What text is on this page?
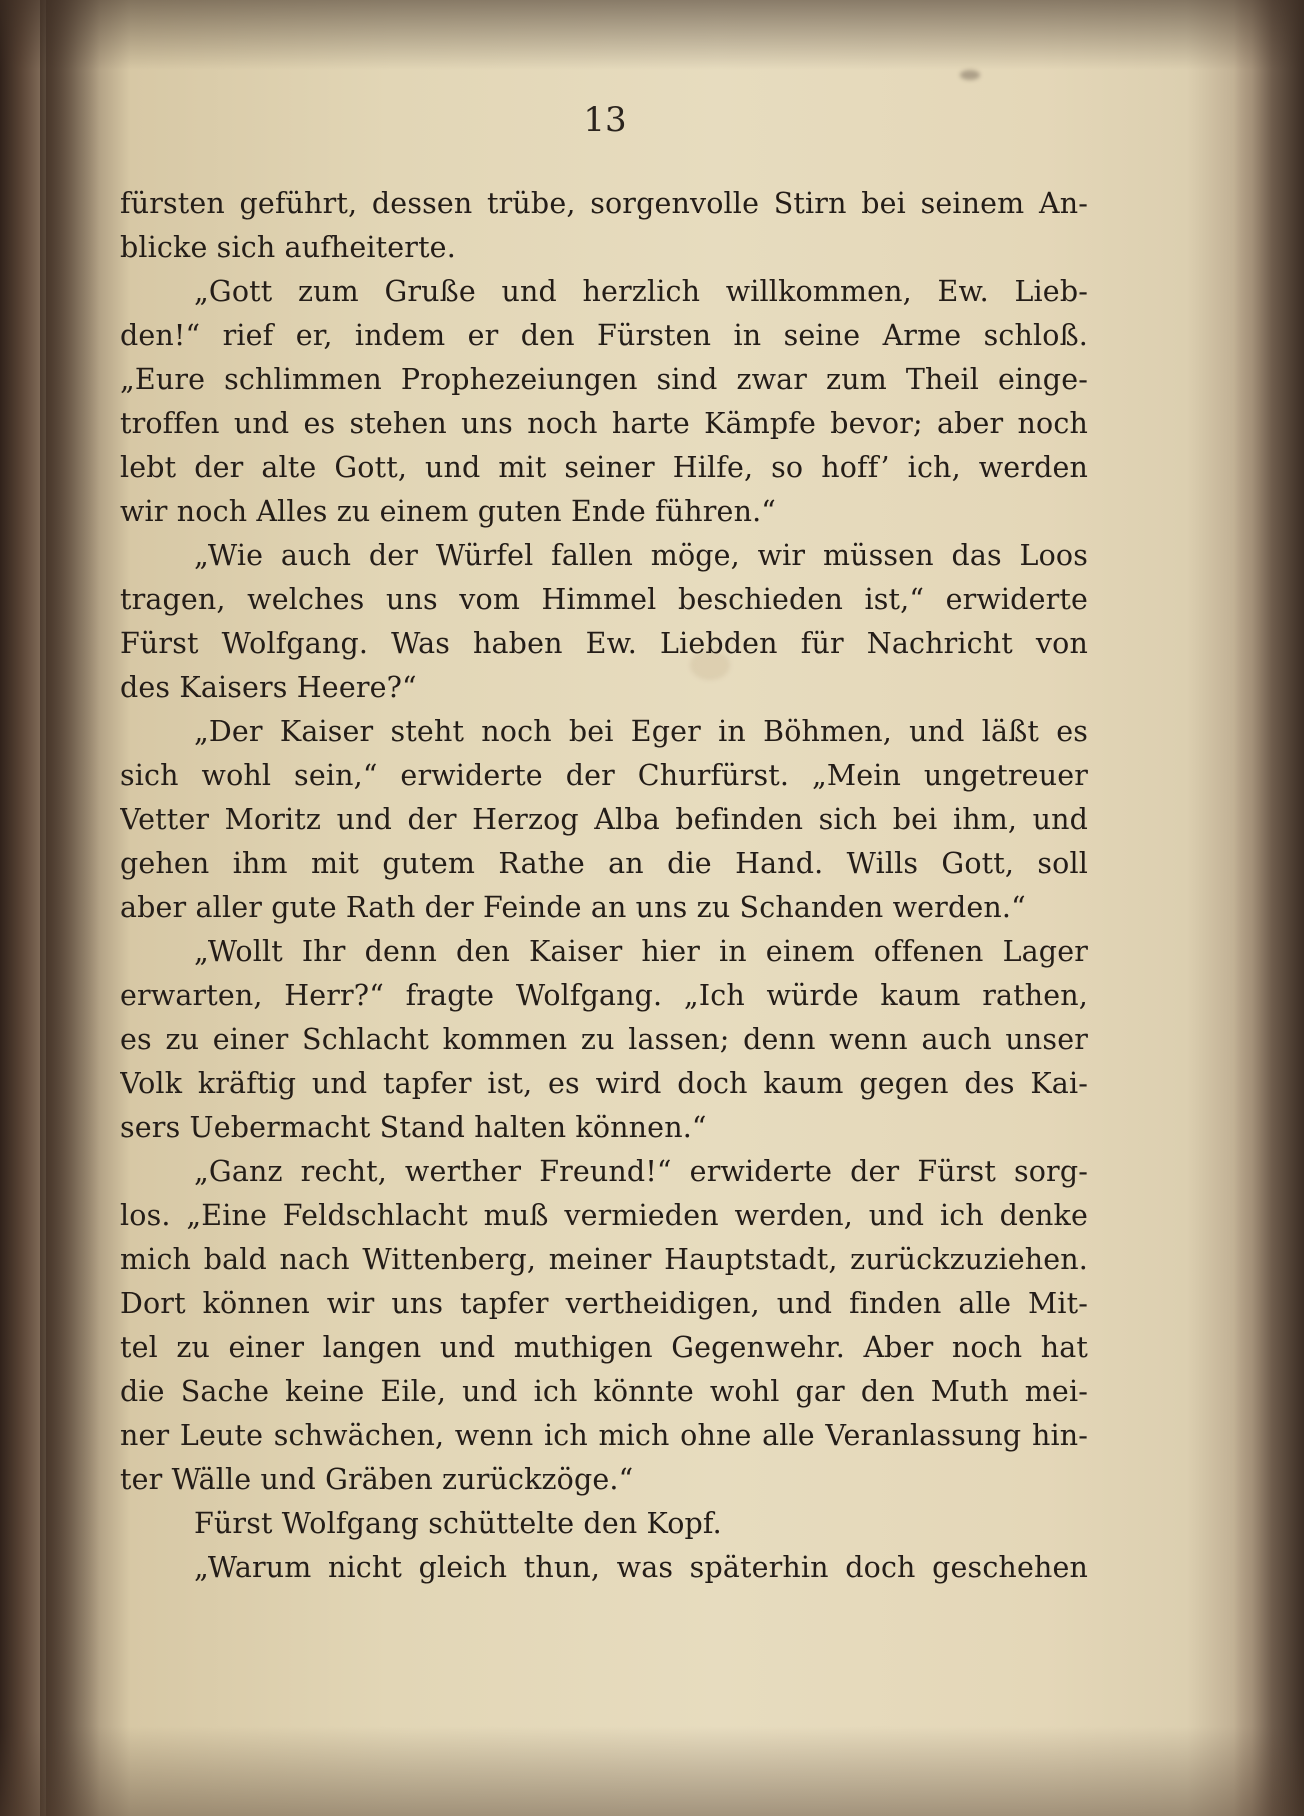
13
fürsten geführt, dessen trübe, sorgenvolle Stirn bei seinem An-
blicke sich aufheiterte.
„Gott zum Gruße und herzlich willkommen, Ew. Lieb-
den!“ rief er, indem er den Fürsten in seine Arme schloß.
„Eure schlimmen Prophezeiungen sind zwar zum Theil einge-
troffen und es stehen uns noch harte Kämpfe bevor; aber noch
lebt der alte Gott, und mit seiner Hilfe, so hoff’ ich, werden
wir noch Alles zu einem guten Ende führen.“
„Wie auch der Würfel fallen möge, wir müssen das Loos
tragen, welches uns vom Himmel beschieden ist,“ erwiderte
Fürst Wolfgang. Was haben Ew. Liebden für Nachricht von
des Kaisers Heere?“
„Der Kaiser steht noch bei Eger in Böhmen, und läßt es
sich wohl sein,“ erwiderte der Churfürst. „Mein ungetreuer
Vetter Moritz und der Herzog Alba befinden sich bei ihm, und
gehen ihm mit gutem Rathe an die Hand. Wills Gott, soll
aber aller gute Rath der Feinde an uns zu Schanden werden.“
„Wollt Ihr denn den Kaiser hier in einem offenen Lager
erwarten, Herr?“ fragte Wolfgang. „Ich würde kaum rathen,
es zu einer Schlacht kommen zu lassen; denn wenn auch unser
Volk kräftig und tapfer ist, es wird doch kaum gegen des Kai-
sers Uebermacht Stand halten können.“
„Ganz recht, werther Freund!“ erwiderte der Fürst sorg-
los. „Eine Feldschlacht muß vermieden werden, und ich denke
mich bald nach Wittenberg, meiner Hauptstadt, zurückzuziehen.
Dort können wir uns tapfer vertheidigen, und finden alle Mit-
tel zu einer langen und muthigen Gegenwehr. Aber noch hat
die Sache keine Eile, und ich könnte wohl gar den Muth mei-
ner Leute schwächen, wenn ich mich ohne alle Veranlassung hin-
ter Wälle und Gräben zurückzöge.“
Fürst Wolfgang schüttelte den Kopf.
„Warum nicht gleich thun, was späterhin doch geschehen
